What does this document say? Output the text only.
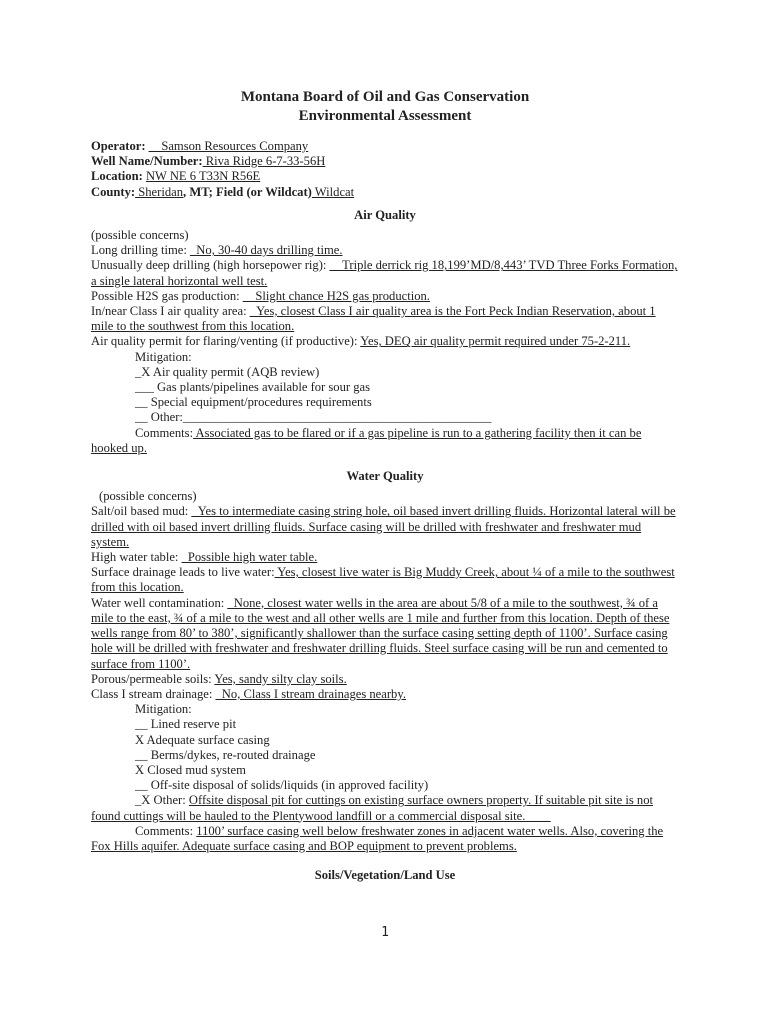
Montana Board of Oil and Gas Conservation
Environmental Assessment
Operator: __Samson Resources Company
Well Name/Number: Riva Ridge 6-7-33-56H
Location: NW NE 6 T33N R56E
County: Sheridan, MT; Field (or Wildcat) Wildcat
Air Quality
(possible concerns)
Long drilling time: _No, 30-40 days drilling time.
Unusually deep drilling (high horsepower rig): __Triple derrick rig 18,199’MD/8,443’ TVD Three Forks Formation, a single lateral horizontal well test.
Possible H2S gas production: __Slight chance H2S gas production.
In/near Class I air quality area: _Yes, closest Class I air quality area is the Fort Peck Indian Reservation, about 1 mile to the southwest from this location.
Air quality permit for flaring/venting (if productive): Yes, DEQ air quality permit required under 75-2-211.
Mitigation:
_X Air quality permit (AQB review)
___ Gas plants/pipelines available for sour gas
__ Special equipment/procedures requirements
__ Other:_________________________________________________
Comments: Associated gas to be flared or if a gas pipeline is run to a gathering facility then it can be hooked up.
Water Quality
(possible concerns)
Salt/oil based mud: _Yes to intermediate casing string hole, oil based invert drilling fluids. Horizontal lateral will be drilled with oil based invert drilling fluids. Surface casing will be drilled with freshwater and freshwater mud system.
High water table: _Possible high water table.
Surface drainage leads to live water: Yes, closest live water is Big Muddy Creek, about ¼ of a mile to the southwest from this location.
Water well contamination: _None, closest water wells in the area are about 5/8 of a mile to the southwest, ¾ of a mile to the east, ¾ of a mile to the west and all other wells are 1 mile and further from this location. Depth of these wells range from 80’ to 380’, significantly shallower than the surface casing setting depth of 1100’. Surface casing hole will be drilled with freshwater and freshwater drilling fluids. Steel surface casing will be run and cemented to surface from 1100’.
Porous/permeable soils: Yes, sandy silty clay soils.
Class I stream drainage: _No, Class I stream drainages nearby.
Mitigation:
__ Lined reserve pit
X Adequate surface casing
__ Berms/dykes, re-routed drainage
X Closed mud system
__ Off-site disposal of solids/liquids (in approved facility)
_X Other: Offsite disposal pit for cuttings on existing surface owners property. If suitable pit site is not found cuttings will be hauled to the Plentywood landfill or a commercial disposal site.____
Comments: 1100’ surface casing well below freshwater zones in adjacent water wells. Also, covering the Fox Hills aquifer. Adequate surface casing and BOP equipment to prevent problems.
Soils/Vegetation/Land Use
1
